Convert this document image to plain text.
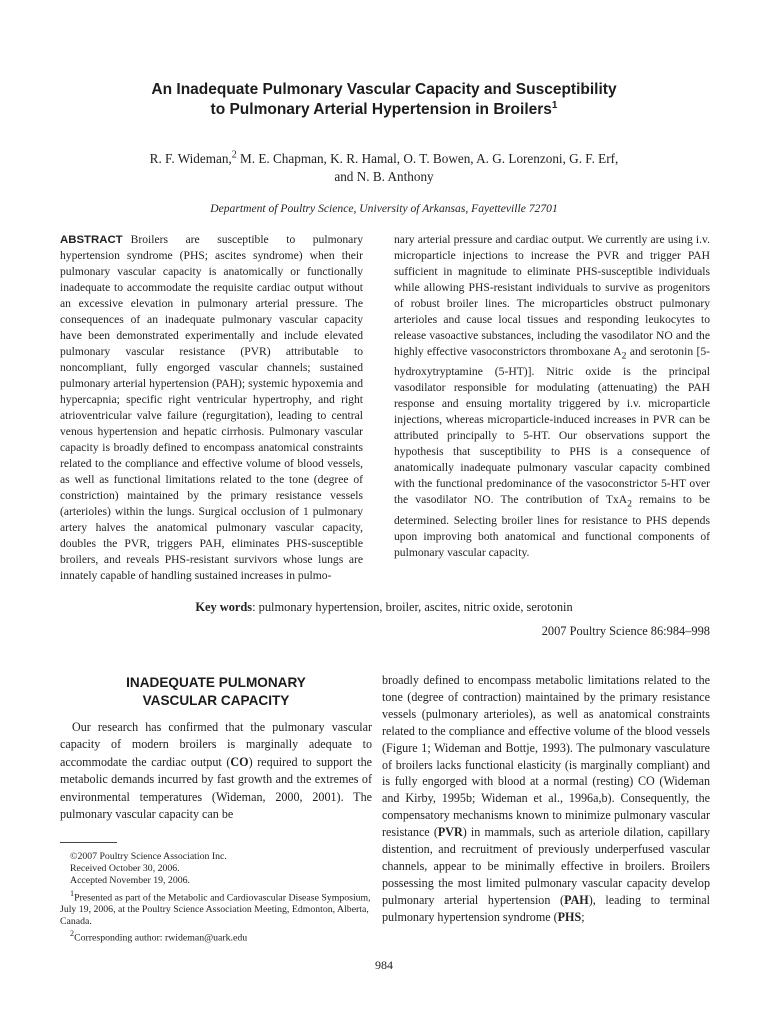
An Inadequate Pulmonary Vascular Capacity and Susceptibility
to Pulmonary Arterial Hypertension in Broilers$^1$
R. F. Wideman,$^2$ M. E. Chapman, K. R. Hamal, O. T. Bowen, A. G. Lorenzoni, G. F. Erf,
and N. B. Anthony
Department of Poultry Science, University of Arkansas, Fayetteville 72701
ABSTRACT Broilers are susceptible to pulmonary hypertension syndrome (PHS; ascites syndrome) when their pulmonary vascular capacity is anatomically or functionally inadequate to accommodate the requisite cardiac output without an excessive elevation in pulmonary arterial pressure. The consequences of an inadequate pulmonary vascular capacity have been demonstrated experimentally and include elevated pulmonary vascular resistance (PVR) attributable to noncompliant, fully engorged vascular channels; sustained pulmonary arterial hypertension (PAH); systemic hypoxemia and hypercapnia; specific right ventricular hypertrophy, and right atrioventricular valve failure (regurgitation), leading to central venous hypertension and hepatic cirrhosis. Pulmonary vascular capacity is broadly defined to encompass anatomical constraints related to the compliance and effective volume of blood vessels, as well as functional limitations related to the tone (degree of constriction) maintained by the primary resistance vessels (arterioles) within the lungs. Surgical occlusion of 1 pulmonary artery halves the anatomical pulmonary vascular capacity, doubles the PVR, triggers PAH, eliminates PHS-susceptible broilers, and reveals PHS-resistant survivors whose lungs are innately capable of handling sustained increases in pulmo-
nary arterial pressure and cardiac output. We currently are using i.v. microparticle injections to increase the PVR and trigger PAH sufficient in magnitude to eliminate PHS-susceptible individuals while allowing PHS-resistant individuals to survive as progenitors of robust broiler lines. The microparticles obstruct pulmonary arterioles and cause local tissues and responding leukocytes to release vasoactive substances, including the vasodilator NO and the highly effective vasoconstrictors thromboxane $A_2$ and serotonin [5-hydroxytryptamine (5-HT)]. Nitric oxide is the principal vasodilator responsible for modulating (attenuating) the PAH response and ensuing mortality triggered by i.v. microparticle injections, whereas microparticle-induced increases in PVR can be attributed principally to 5-HT. Our observations support the hypothesis that susceptibility to PHS is a consequence of anatomically inadequate pulmonary vascular capacity combined with the functional predominance of the vasoconstrictor 5-HT over the vasodilator NO. The contribution of TxA$_2$ remains to be determined. Selecting broiler lines for resistance to PHS depends upon improving both anatomical and functional components of pulmonary vascular capacity.
Key words: pulmonary hypertension, broiler, ascites, nitric oxide, serotonin
2007 Poultry Science 86:984–998
INADEQUATE PULMONARY
VASCULAR CAPACITY
Our research has confirmed that the pulmonary vascular capacity of modern broilers is marginally adequate to accommodate the cardiac output (CO) required to support the metabolic demands incurred by fast growth and the extremes of environmental temperatures (Wideman, 2000, 2001). The pulmonary vascular capacity can be
broadly defined to encompass metabolic limitations related to the tone (degree of contraction) maintained by the primary resistance vessels (pulmonary arterioles), as well as anatomical constraints related to the compliance and effective volume of the blood vessels (Figure 1; Wideman and Bottje, 1993). The pulmonary vasculature of broilers lacks functional elasticity (is marginally compliant) and is fully engorged with blood at a normal (resting) CO (Wideman and Kirby, 1995b; Wideman et al., 1996a,b). Consequently, the compensatory mechanisms known to minimize pulmonary vascular resistance (PVR) in mammals, such as arteriole dilation, capillary distention, and recruitment of previously underperfused vascular channels, appear to be minimally effective in broilers. Broilers possessing the most limited pulmonary vascular capacity develop pulmonary arterial hypertension (PAH), leading to terminal pulmonary hypertension syndrome (PHS;

©2007 Poultry Science Association Inc.

Received October 30, 2006.

Accepted November 19, 2006.

$^1$Presented as part of the Metabolic and Cardiovascular Disease Symposium, July 19, 2006, at the Poultry Science Association Meeting, Edmonton, Alberta, Canada.

$^2$Corresponding author: rwideman@uark.edu

984
